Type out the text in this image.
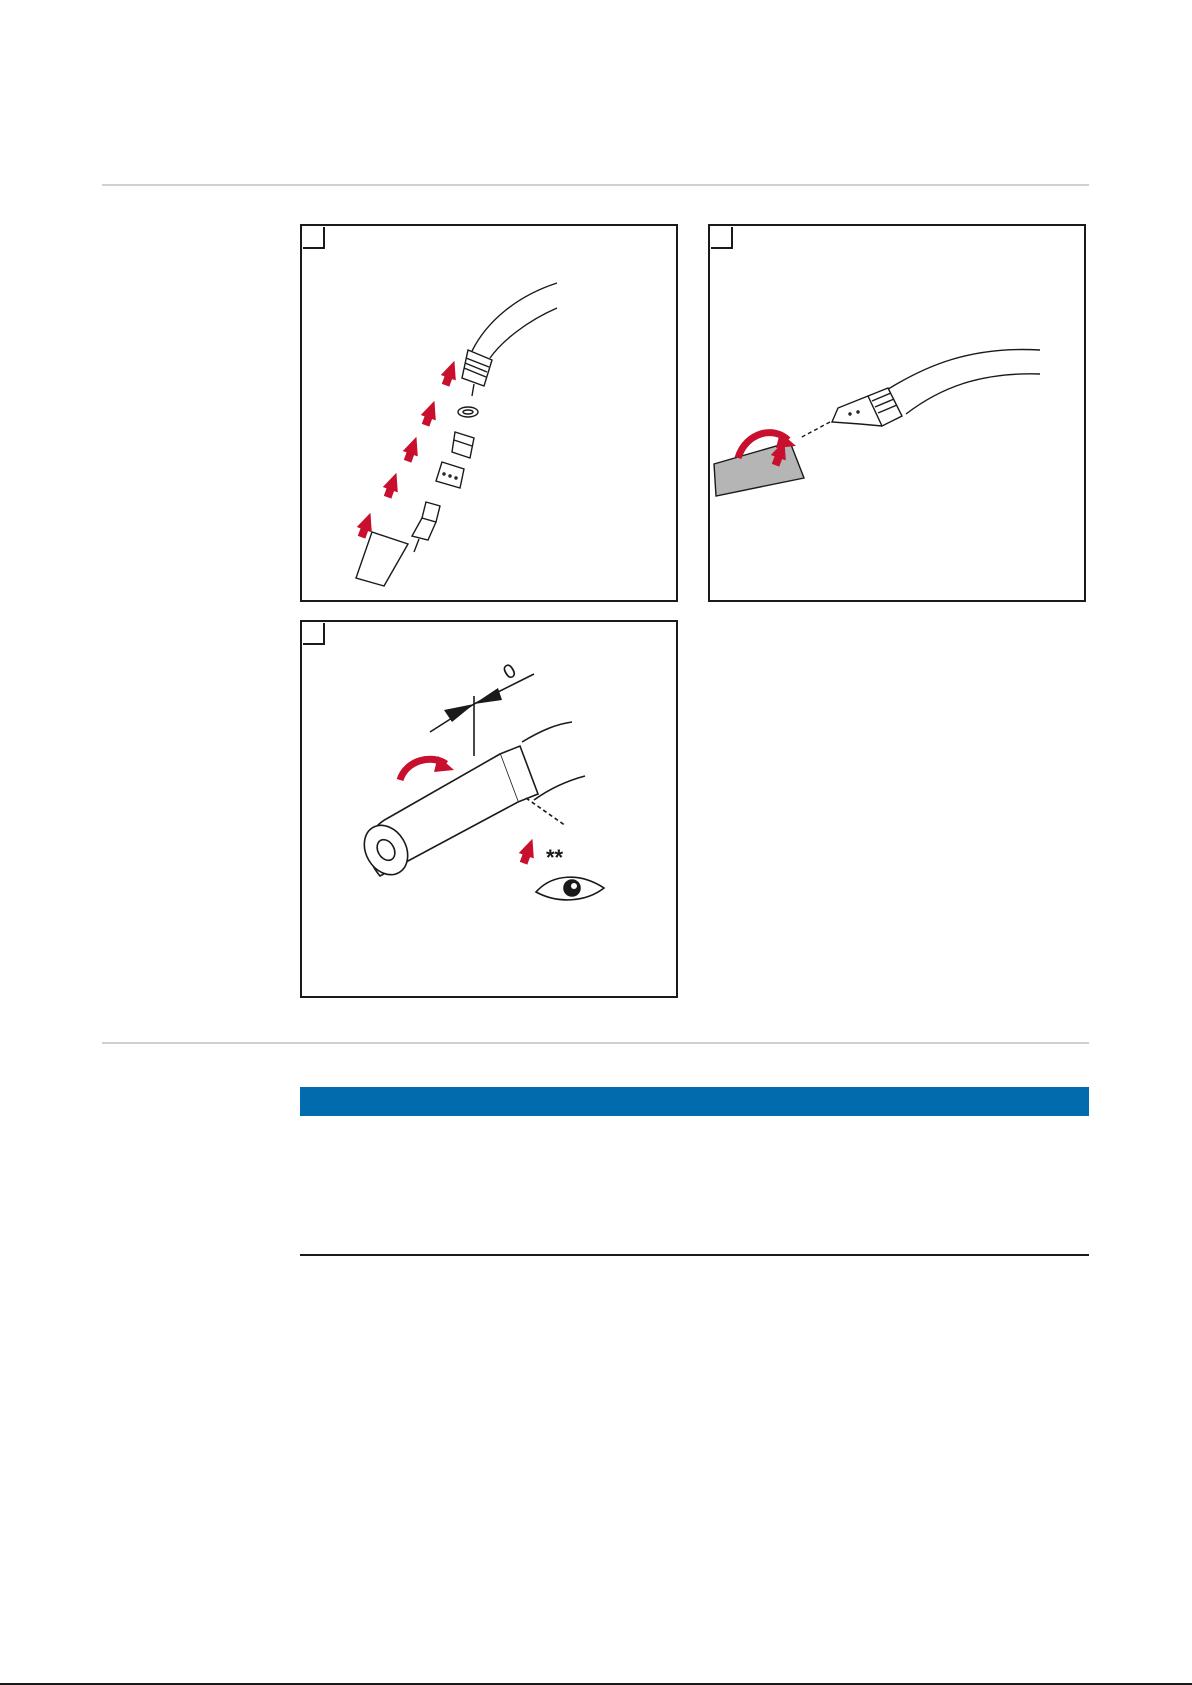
0
**
